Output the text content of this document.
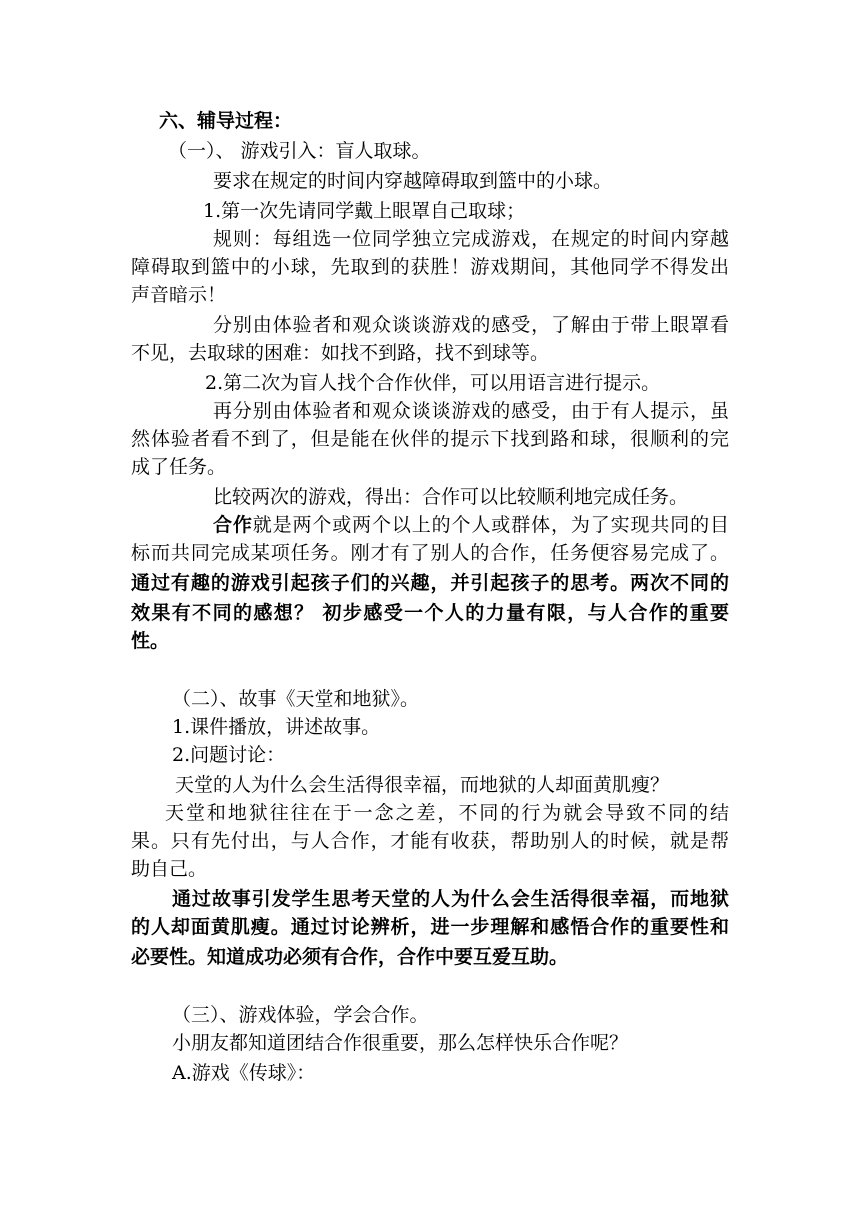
六、辅导过程：
（一）、 游戏引入：盲人取球。
要求在规定的时间内穿越障碍取到篮中的小球。
1.第一次先请同学戴上眼罩自己取球；
规则：每组选一位同学独立完成游戏，在规定的时间内穿越
障碍取到篮中的小球，先取到的获胜！游戏期间，其他同学不得发出
声音暗示！
分别由体验者和观众谈谈游戏的感受，了解由于带上眼罩看
不见，去取球的困难：如找不到路，找不到球等。
2.第二次为盲人找个合作伙伴，可以用语言进行提示。
再分别由体验者和观众谈谈游戏的感受，由于有人提示，虽
然体验者看不到了，但是能在伙伴的提示下找到路和球，很顺利的完
成了任务。
比较两次的游戏，得出：合作可以比较顺利地完成任务。
合作就是两个或两个以上的个人或群体，为了实现共同的目
标而共同完成某项任务。刚才有了别人的合作，任务便容易完成了。
通过有趣的游戏引起孩子们的兴趣，并引起孩子的思考。两次不同的
效果有不同的感想？ 初步感受一个人的力量有限，与人合作的重要
性。
（二）、故事《天堂和地狱》。
1.课件播放，讲述故事。
2.问题讨论：
天堂的人为什么会生活得很幸福，而地狱的人却面黄肌瘦？
天堂和地狱往往在于一念之差，不同的行为就会导致不同的结
果。只有先付出，与人合作，才能有收获，帮助别人的时候，就是帮
助自己。
通过故事引发学生思考天堂的人为什么会生活得很幸福，而地狱
的人却面黄肌瘦。通过讨论辨析，进一步理解和感悟合作的重要性和
必要性。知道成功必须有合作，合作中要互爱互助。
（三）、游戏体验，学会合作。
小朋友都知道团结合作很重要，那么怎样快乐合作呢？
A.游戏《传球》：
